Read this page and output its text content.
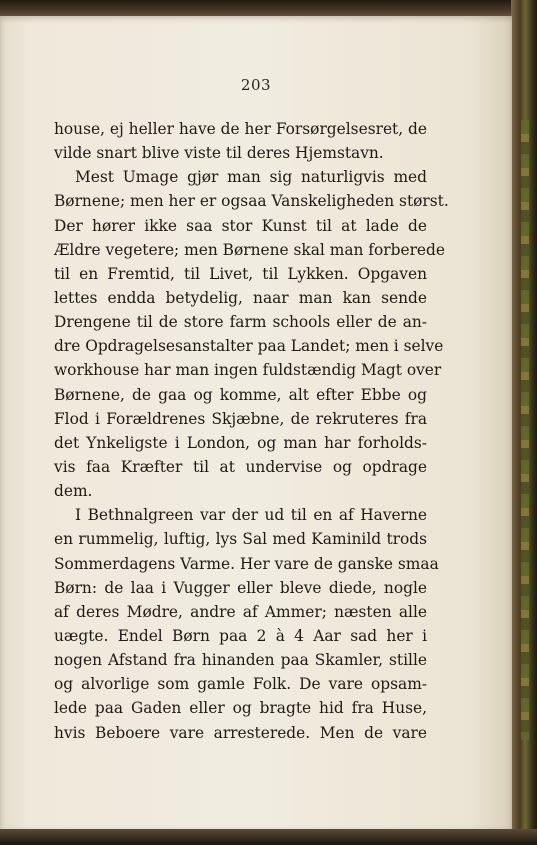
203
house, ej heller have de her Forsørgelsesret, de
vilde snart blive viste til deres Hjemstavn.
Mest Umage gjør man sig naturligvis med
Børnene; men her er ogsaa Vanskeligheden størst.
Der hører ikke saa stor Kunst til at lade de
Ældre vegetere; men Børnene skal man forberede
til en Fremtid, til Livet, til Lykken. Opgaven
lettes endda betydelig, naar man kan sende
Drengene til de store farm schools eller de an-
dre Opdragelsesanstalter paa Landet; men i selve
workhouse har man ingen fuldstændig Magt over
Børnene, de gaa og komme, alt efter Ebbe og
Flod i Forældrenes Skjæbne, de rekruteres fra
det Ynkeligste i London, og man har forholds-
vis faa Kræfter til at undervise og opdrage
dem.
I Bethnalgreen var der ud til en af Haverne
en rummelig, luftig, lys Sal med Kaminild trods
Sommerdagens Varme. Her vare de ganske smaa
Børn: de laa i Vugger eller bleve diede, nogle
af deres Mødre, andre af Ammer; næsten alle
uægte. Endel Børn paa 2 à 4 Aar sad her i
nogen Afstand fra hinanden paa Skamler, stille
og alvorlige som gamle Folk. De vare opsam-
lede paa Gaden eller og bragte hid fra Huse,
hvis Beboere vare arresterede. Men de vare
